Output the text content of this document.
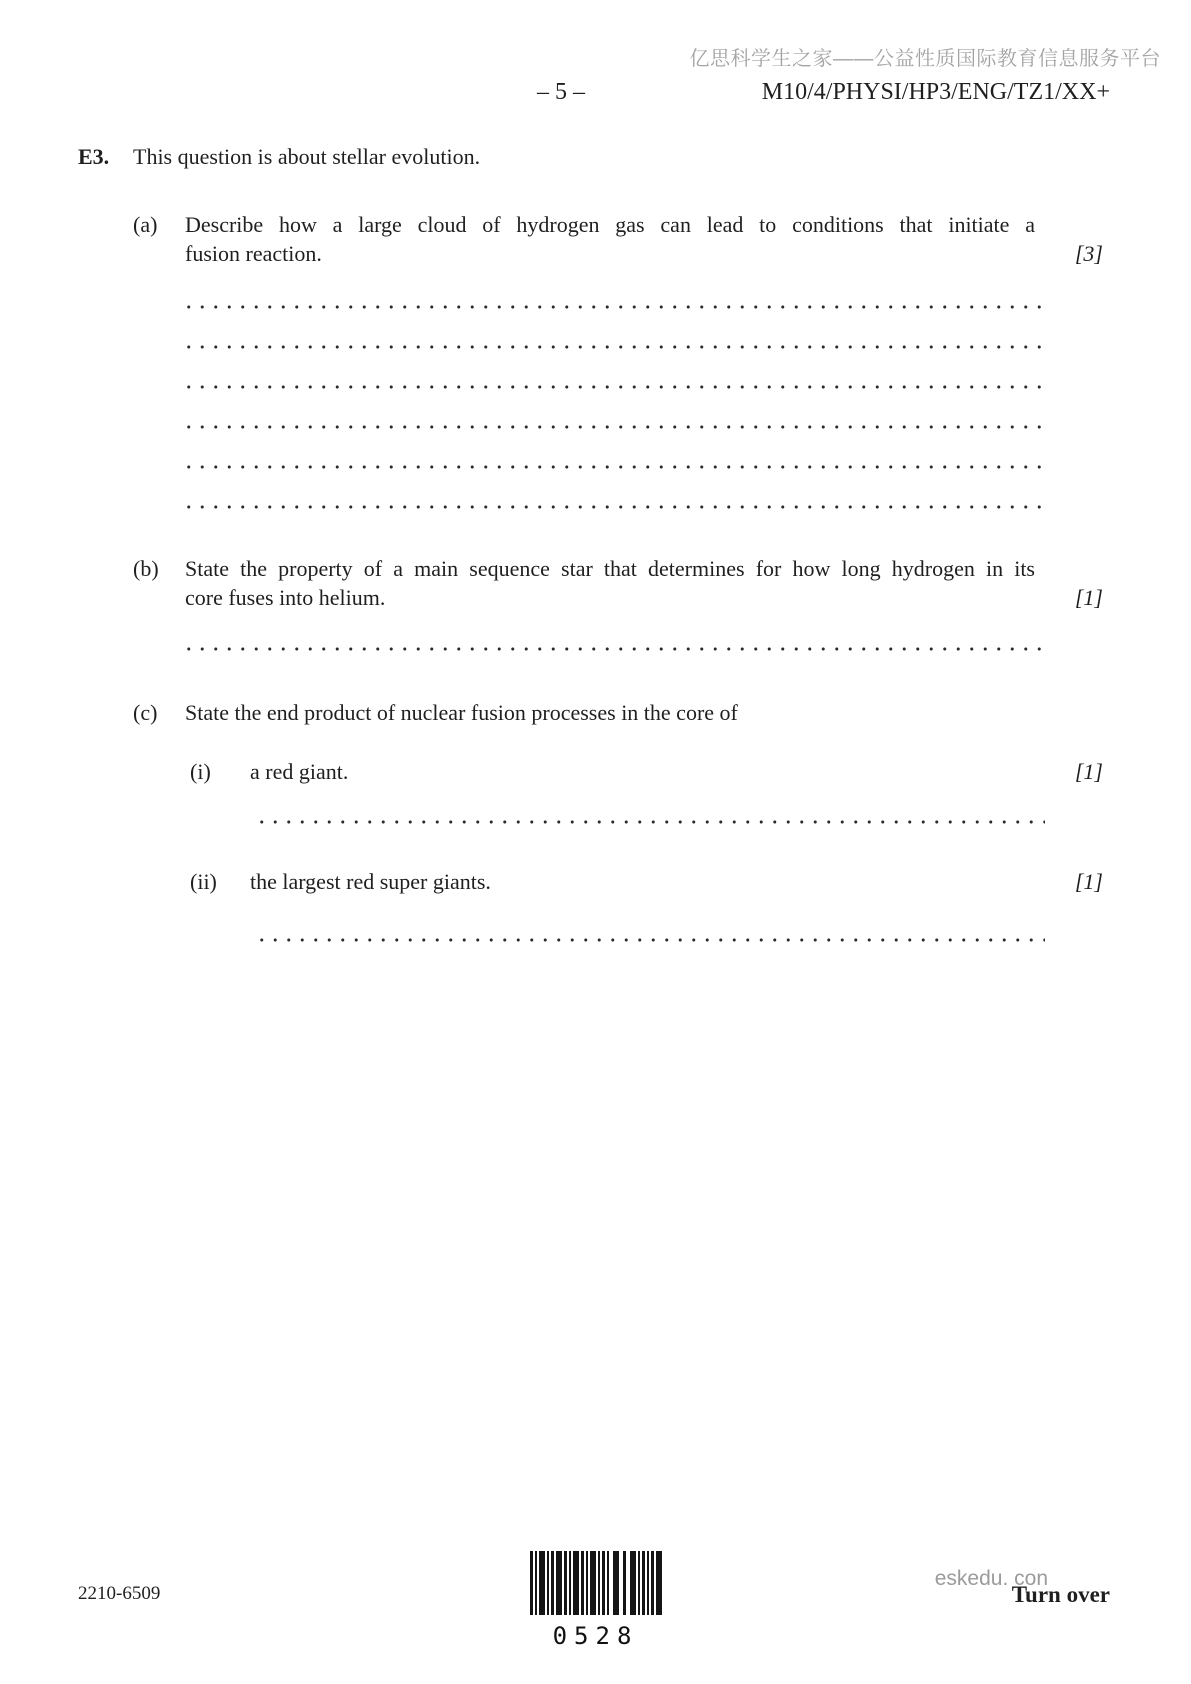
亿思科学生之家——公益性质国际教育信息服务平台
– 5 –	M10/4/PHYSI/HP3/ENG/TZ1/XX+
E3.	This question is about stellar evolution.
(a)	Describe how a large cloud of hydrogen gas can lead to conditions that initiate a
fusion reaction.	[3]
(b)	State the property of a main sequence star that determines for how long hydrogen in its
core fuses into helium.	[1]
(c)	State the end product of nuclear fusion processes in the core of
(i)	a red giant.	[1]
(ii)	the largest red super giants.	[1]
2210-6509
0528
eskedu. con
Turn over
